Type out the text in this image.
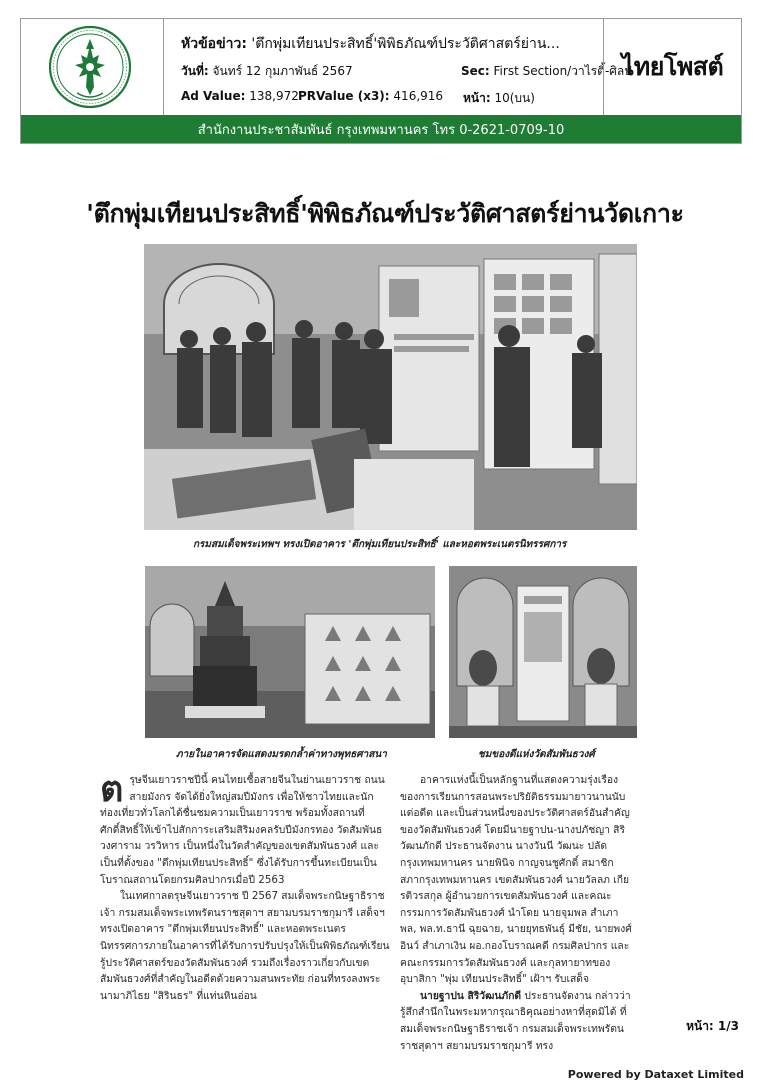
หัวข้อข่าว: 'ตึกพุ่มเทียนประสิทธิ์'พิพิธภัณฑ์ประวัติศาสตร์ย่าน...
วันที่: จันทร์ 12 กุมภาพันธ์ 2567	Sec: First Section/วาไรตี้-ศิลป
Ad Value: 138,972 PRValue (x3): 416,916 หน้า: 10(บน)
ไทยโพสต์
สำนักงานประชาสัมพันธ์ กรุงเทพมหานคร โทร 0-2621-0709-10
'ตึกพุ่มเทียนประสิทธิ์'พิพิธภัณฑ์ประวัติศาสตร์ย่านวัดเกาะ
กรมสมเด็จพระเทพฯ ทรงเปิดอาคาร 'ตึกพุ่มเทียนประสิทธิ์' และหอตพระเนตรนิทรรศการ
ภายในอาคารจัดแสดงมรดกล้ำค่าทางพุทธศาสนา	ชมของดีแห่งวัดสัมพันธวงศ์
ต รุษจีนเยาวราชปีนี้ คนไทยเชื้อสายจีนในย่านเยาวราช ถนนสายมังกร จัดได้ยิ่งใหญ่สมปีมังกร เพื่อให้ชาวไทยและนักท่องเที่ยวทั่วโลกได้ชื่นชมความเป็นเยาวราช พร้อมทั้งสถานที่ศักดิ์สิทธิ์ให้เข้าไปสักการะเสริมสิริมงคลรับปีมังกรทอง วัดสัมพันธวงศาราม วรวิหาร เป็นหนึ่งในวัดสำคัญของเขตสัมพันธวงศ์ และเป็นที่ตั้งของ "ตึกพุ่มเทียนประสิทธิ์" ซึ่งได้รับการขึ้นทะเบียนเป็นโบราณสถานโดยกรมศิลปากรเมื่อปี 2563

ในเทศกาลตรุษจีนเยาวราช ปี 2567 สมเด็จพระกนิษฐาธิราชเจ้า กรมสมเด็จพระเทพรัตนราชสุดาฯ สยามบรมราชกุมารี เสด็จฯ ทรงเปิดอาคาร "ตึกพุ่มเทียนประสิทธิ์" และหอตพระเนตรนิทรรศการภายในอาคารที่ได้รับการปรับปรุงให้เป็นพิพิธภัณฑ์เรียนรู้ประวัติศาสตร์ของวัดสัมพันธวงศ์ รวมถึงเรื่องราวเกี่ยวกับเขตสัมพันธวงศ์ที่สำคัญในอดีตด้วยความสนพระทัย ก่อนที่ทรงลงพระนามาภิไธย "สิรินธร" ที่แท่นหินอ่อน

อาคารแห่งนี้เป็นหลักฐานที่แสดงความรุ่งเรืองของการเรียนการสอนพระปริยัติธรรมมายาวนานนับแต่อดีต และเป็นส่วนหนึ่งของประวัติศาสตร์อันสำคัญของวัดสัมพันธวงศ์ โดยมีนายฐาปน-นางปภัชญา สิริวัฒนภักดี ประธานจัดงาน นางวันนี วัฒนะ ปลัดกรุงเทพมหานคร นายพินิจ กาญจนชูศักดิ์ สมาชิกสภากรุงเทพมหานคร เขตสัมพันธวงศ์ นายวัลลภ เกียรติวรสกุล ผู้อำนวยการเขตสัมพันธวงศ์ และคณะกรรมการวัดสัมพันธวงศ์ นำโดย นายจุมพล สำเภาพล, พล.ท.ธานี ฉุยฉาย, นายยุทธพันธุ์ มีชัย, นายพงศ์อินว์ สำเภาเงิน ผอ.กองโบราณคดี กรมศิลปากร และคณะกรรมการวัดสัมพันธวงศ์ และกุลทายาทของอุบาสิกา "พุ่ม เทียนประสิทธิ์" เฝ้าฯ รับเสด็จ

นายฐาปน สิริวัฒนภักดี ประธานจัดงาน กล่าวว่า รู้สึกสำนึกในพระมหากรุณาธิคุณอย่างหาที่สุดมิได้ ที่สมเด็จพระกนิษฐาธิราชเจ้า กรมสมเด็จพระเทพรัตนราชสุดาฯ สยามบรมราชกุมารี ทรง

หน้า: 1/3
Powered by Dataxet Limited
